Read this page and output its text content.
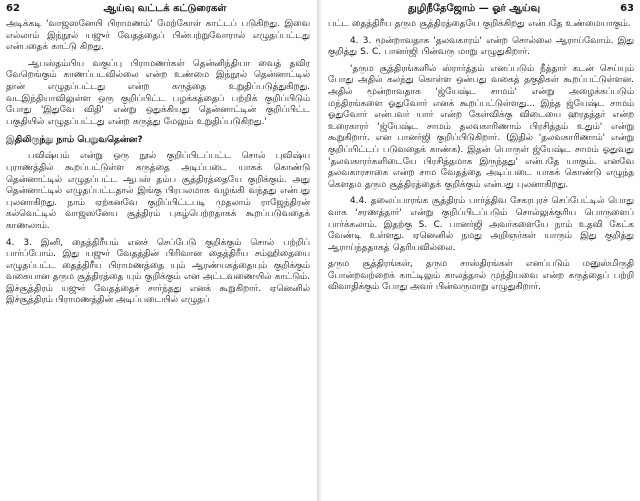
62	ஆய்வு வட்டக் கட்டுரைகள்

அடிக்கடி 'வாஜஸனேயி பிராமணம்' மேற்கோள் காட்டப் படுகிறது. இவை எல்லாம் இந்நூல் யஜுர் வேதத்தைப் பின்பற்றுவோரால் எழுதப்பட்டது என்பதைக் காட்டு கிறது.

ஆபஸ்தம்பிய வகுப்பு பிராமணர்கள் தென்னிந்தியா வைத் தவிர வேறெங்கும் காணப்படவில்லை என்ற உண்மை இந்நூல் தென்னாட்டில் தான் எழுதப்பட்டது என்ற கருத்தை உறுதிப்படுத்துகிறது. வடஇந்தியாவிலுள்ள ஒரு குறிப்பிட்ட பழக்கத்தைப் பற்றிக் குறிப்பிடும் போது 'இதுவே விதி' என்று ஒதுக்கியது தென்னாட்டின் குறிப்பிட்ட பகுதியில் எழுதப்பட்டது என்ற கருத்து மேலும் உறுதிப்படுகிறது.'

இதிலிருந்து நாம் பெறுவதென்ன?

பவிஷ்யம் என்று ஒரு நூல் குறிப்பிடப்பட்ட சொல் புவிஷ்ய புராணத்தில் கூறப்பட்டுள்ள கருத்தை அடிப்படை யாகக் கொண்டு தென்னாட்டில் எழுதப்பட்ட ஆபஸ் தம்ப சூத்திரத்தையே குறிக்கும். அது தென்னாட்டில் எழுதப்பட்டதால் இங்கு பிரபலமாக வழங்கி வந்தது என்பது புலனாகிறது. நாம் ஏற்கனவே குறிப்பிட்டபடி முதலாம் ராஜேந்திரன் கல்வெட்டில் வாஜஸனேய சூத்திரம் புகழ்பெற்றதாகக் கூறப்படுவதைக் காணலாம்.

4. 3. இனி, தைத்திரீயம் எனச் செப்பேடு குறிக்கும் சொல் பற்றிப் பார்ப்போம். இது யஜுர் வேதத்தின் பிரிவான தைத்திரீய சம்ஹிதையை எழுதப்பட்ட தைத்திரீய பிராமணத்தை யும் ஆரண்யகத்தையும் குறிக்கும் வகையான தரும சூத்திரத்தை யும் குறிக்கும் என அட்டவணையில் காட்டும். இச்சூத்திரம் யஜுர் வேதத்தைச் சார்ந்தது எனக் கூறுகிறார். ஏனெனில் இச்சூத்திரம் பிராமணத்தின் அடிப்படையில் எழுதப்

துழிநீதேஜோம் — ஓர் ஆய்வு	63

பட்ட தைத்திரீய தரும சூத்திரத்தையே குறிக்கிறது என்பதே உண்மையாகும்.

4. 3. மூன்றாவதாக 'தலவகாரம்' என்ற சொல்லை ஆராய்வோம். இது குறித்து S. C. பானர்ஜி பின்வரு மாறு எழுதுகிறார்.

'தரும சூத்திரங்களில் ஸ்ரார்த்தம் எனப்படும் நீத்தார் கடன் செய்யும் போது அதில் கலந்து கொள்ள ஒன்பது வகைத் தகுதிகள் கூறப்பட்டுள்ளன. அதில் மூன்றாவதாக 'ஜ்யேஷ்ட சாமம்' என்று அழைக்கப்படும் மந்திரங்களை ஓதுவோர் எனக் கூறப்பட்டுள்ளது... இந்த ஜ்யேஷ்ட சாமம் ஓதுவோர் என்பவர் யார் என்ற கேள்விக்கு விடையை ஹரதத்தர் என்ற உரைகாரர் 'ஜ்யேஷ்ட சாமம் தலவகாரிணாம் பிரசித்தம் உதும்' என்று கூறுகிறார். என பானர்ஜி குறிப்பிடுகிறார். (இதில் 'தலவகாரிணாம்' என்று குறிப்பிட்டப் படுவதைக் காண்க). இதன் பொருள் ஜ்யேஷ்ட சாமம் ஓதுவது 'தலவகாரர்களிடையே பிரசித்தமாக இருந்தது' என்பதே யாகும். எனவே தலவகாரசாகை என்ற சாம வேதத்தை அடிப்படை யாகக் கொண்டு எழுந்த கௌதம தரும சூத்திரத்தைக் குறிக்கும் என்பது புலனாகிறது.

4.4. தலைப்பாரங்க சூத்திரம் பார்த்திவ சேகரபுரச் செப்பேட்டில் பொது வாக 'சரணத்தார்' என்று குறிப்பிடப்படும் சொல்லுக்குரிய பொருளைப் பார்க்கலாம். இதற்கு S. C. பானர்ஜி அவர்களையே நாம் உதவி கேட்க வேண்டி உள்ளது. ஏனெனில் நமது அறிஞர்கள் யாரும் இது குறித்து ஆராய்ந்ததாகத் தெரியவில்லை.

தரும சூத்திரங்கள், தரும சாஸ்திரங்கள் எனப்படும் மனுஸ்மிருதி போன்றவற்றைக் காட்டிலும் காலத்தால் முந்தியவை என்ற கருத்தைப் பற்றி விவாதிக்கும் போது அவர் பின்வருமாறு எழுதுகிறார்.
